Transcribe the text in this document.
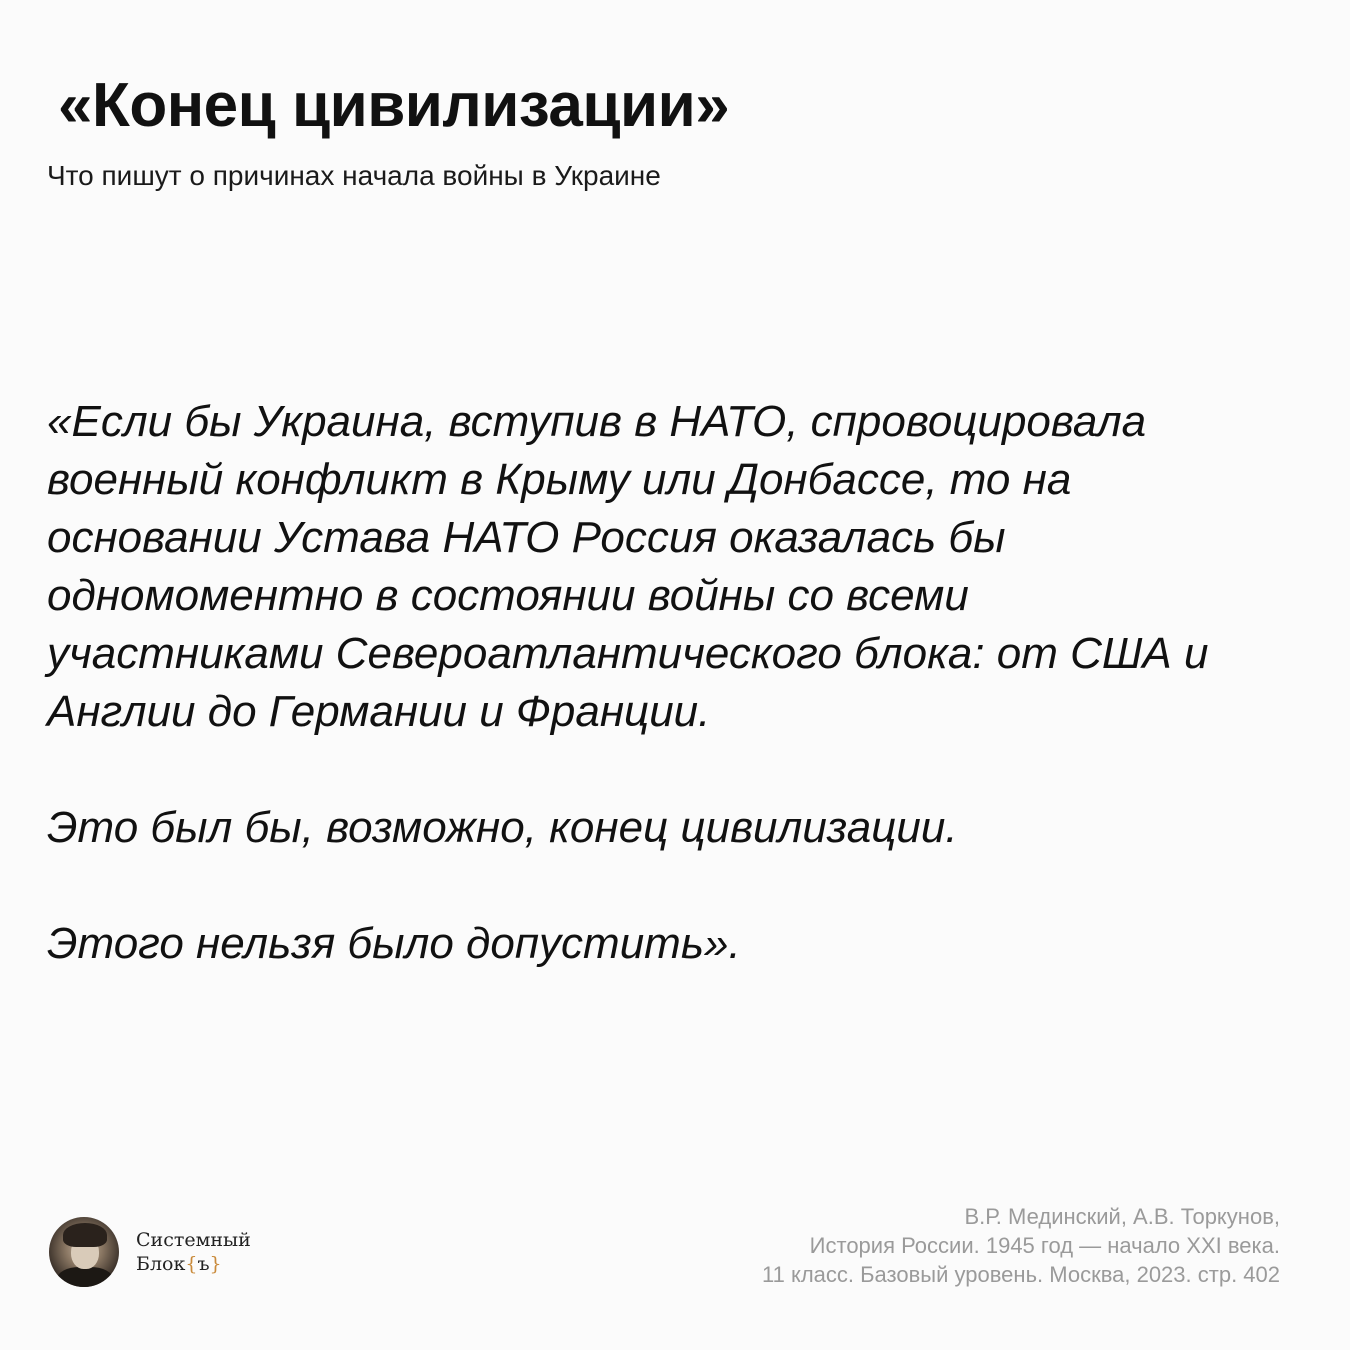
«Конец цивилизации»
Что пишут о причинах начала войны в Украине

«Если бы Украина, вступив в НАТО, спровоцировала
военный конфликт в Крыму или Донбассе, то на
основании Устава НАТО Россия оказалась бы
одномоментно в состоянии войны со всеми
участниками Североатлантического блока: от США и
Англии до Германии и Франции.

Это был бы, возможно, конец цивилизации.

Этого нельзя было допустить».

Системный
Блок{ъ}
В.Р. Мединский, А.В. Торкунов,
История России. 1945 год — начало XXI века.
11 класс. Базовый уровень. Москва, 2023. стр. 402
